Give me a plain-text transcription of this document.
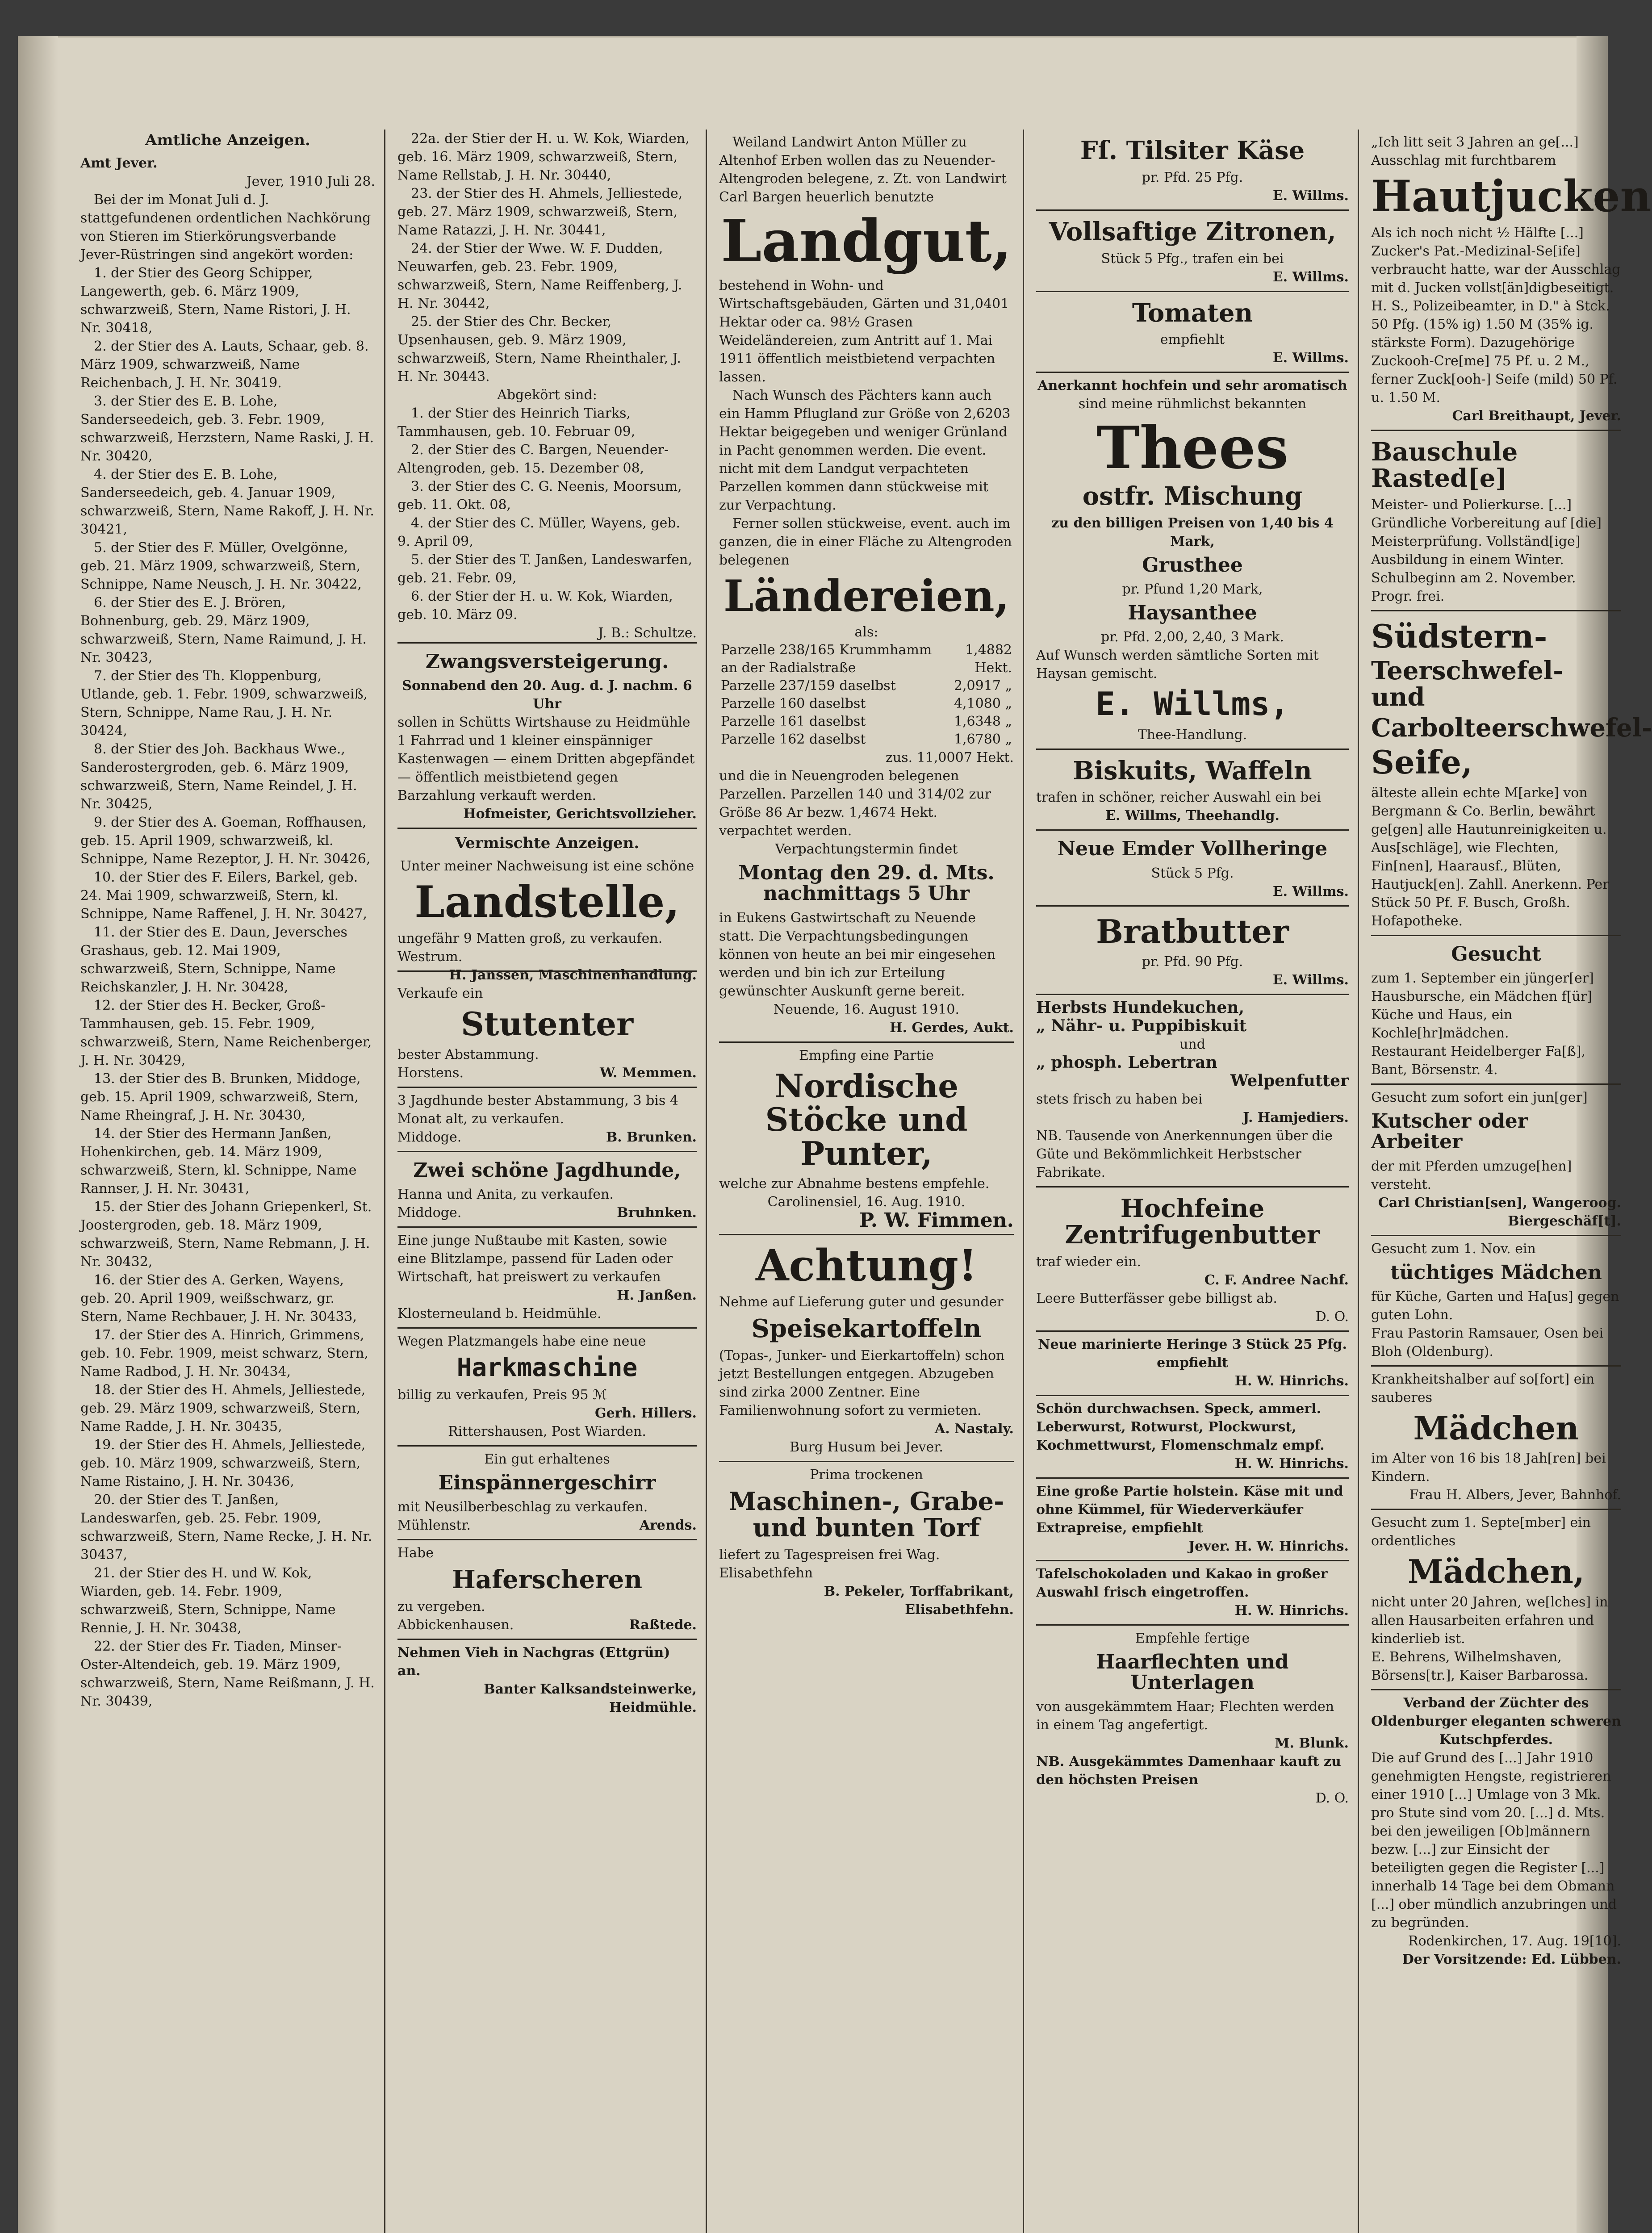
Amtliche Anzeigen.
Amt Jever.

Jever, 1910 Juli 28.

Bei der im Monat Juli d. J. stattgefundenen ordentlichen Nachkörung von Stieren im Stierkörungsverbande Jever-Rüstringen sind angekört worden:

1. der Stier des Georg Schipper, Langewerth, geb. 6. März 1909, schwarzweiß, Stern, Name Ristori, J. H. Nr. 30418,

2. der Stier des A. Lauts, Schaar, geb. 8. März 1909, schwarzweiß, Name Reichenbach, J. H. Nr. 30419.

3. der Stier des E. B. Lohe, Sanderseedeich, geb. 3. Febr. 1909, schwarzweiß, Herzstern, Name Raski, J. H. Nr. 30420,

4. der Stier des E. B. Lohe, Sanderseedeich, geb. 4. Januar 1909, schwarzweiß, Stern, Name Rakoff, J. H. Nr. 30421,

5. der Stier des F. Müller, Ovelgönne, geb. 21. März 1909, schwarzweiß, Stern, Schnippe, Name Neusch, J. H. Nr. 30422,

6. der Stier des E. J. Brören, Bohnenburg, geb. 29. März 1909, schwarzweiß, Stern, Name Raimund, J. H. Nr. 30423,

7. der Stier des Th. Kloppenburg, Utlande, geb. 1. Febr. 1909, schwarzweiß, Stern, Schnippe, Name Rau, J. H. Nr. 30424,

8. der Stier des Joh. Backhaus Wwe., Sanderostergroden, geb. 6. März 1909, schwarzweiß, Stern, Name Reindel, J. H. Nr. 30425,

9. der Stier des A. Goeman, Roffhausen, geb. 15. April 1909, schwarzweiß, kl. Schnippe, Name Rezeptor, J. H. Nr. 30426,

10. der Stier des F. Eilers, Barkel, geb. 24. Mai 1909, schwarzweiß, Stern, kl. Schnippe, Name Raffenel, J. H. Nr. 30427,

11. der Stier des E. Daun, Jeversches Grashaus, geb. 12. Mai 1909, schwarzweiß, Stern, Schnippe, Name Reichskanzler, J. H. Nr. 30428,

12. der Stier des H. Becker, Groß-Tammhausen, geb. 15. Febr. 1909, schwarzweiß, Stern, Name Reichenberger, J. H. Nr. 30429,

13. der Stier des B. Brunken, Middoge, geb. 15. April 1909, schwarzweiß, Stern, Name Rheingraf, J. H. Nr. 30430,

14. der Stier des Hermann Janßen, Hohenkirchen, geb. 14. März 1909, schwarzweiß, Stern, kl. Schnippe, Name Rannser, J. H. Nr. 30431,

15. der Stier des Johann Griepenkerl, St. Joostergroden, geb. 18. März 1909, schwarzweiß, Stern, Name Rebmann, J. H. Nr. 30432,

16. der Stier des A. Gerken, Wayens, geb. 20. April 1909, weißschwarz, gr. Stern, Name Rechbauer, J. H. Nr. 30433,

17. der Stier des A. Hinrich, Grimmens, geb. 10. Febr. 1909, meist schwarz, Stern, Name Radbod, J. H. Nr. 30434,

18. der Stier des H. Ahmels, Jelliestede, geb. 29. März 1909, schwarzweiß, Stern, Name Radde, J. H. Nr. 30435,

19. der Stier des H. Ahmels, Jelliestede, geb. 10. März 1909, schwarzweiß, Stern, Name Ristaino, J. H. Nr. 30436,

20. der Stier des T. Janßen, Landeswarfen, geb. 25. Febr. 1909, schwarzweiß, Stern, Name Recke, J. H. Nr. 30437,

21. der Stier des H. und W. Kok, Wiarden, geb. 14. Febr. 1909, schwarzweiß, Stern, Schnippe, Name Rennie, J. H. Nr. 30438,

22. der Stier des Fr. Tiaden, Minser-Oster-Altendeich, geb. 19. März 1909, schwarzweiß, Stern, Name Reißmann, J. H. Nr. 30439,

22a. der Stier der H. u. W. Kok, Wiarden, geb. 16. März 1909, schwarzweiß, Stern, Name Rellstab, J. H. Nr. 30440,

23. der Stier des H. Ahmels, Jelliestede, geb. 27. März 1909, schwarzweiß, Stern, Name Ratazzi, J. H. Nr. 30441,

24. der Stier der Wwe. W. F. Dudden, Neuwarfen, geb. 23. Febr. 1909, schwarzweiß, Stern, Name Reiffenberg, J. H. Nr. 30442,

25. der Stier des Chr. Becker, Upsenhausen, geb. 9. März 1909, schwarzweiß, Stern, Name Rheinthaler, J. H. Nr. 30443.

Abgekört sind:

1. der Stier des Heinrich Tiarks, Tammhausen, geb. 10. Februar 09,

2. der Stier des C. Bargen, Neuender-Altengroden, geb. 15. Dezember 08,

3. der Stier des C. G. Neenis, Moorsum, geb. 11. Okt. 08,

4. der Stier des C. Müller, Wayens, geb. 9. April 09,

5. der Stier des T. Janßen, Landeswarfen, geb. 21. Febr. 09,

6. der Stier der H. u. W. Kok, Wiarden, geb. 10. März 09.

J. B.: Schultze.

Zwangsversteigerung.

Sonnabend den 20. Aug. d. J. nachm. 6 Uhr

sollen in Schütts Wirtshause zu Heidmühle 1 Fahrrad und 1 kleiner einspänniger Kastenwagen — einem Dritten abgepfändet — öffentlich meistbietend gegen Barzahlung verkauft werden.

Hofmeister, Gerichtsvollzieher.

Vermischte Anzeigen.

Unter meiner Nachweisung ist eine schöne

Landstelle,

ungefähr 9 Matten groß, zu verkaufen.

Westrum.
H. Janssen, Maschinenhandlung.

Verkaufe ein

Stutenter

bester Abstammung.

Horstens.	W. Memmen.

3 Jagdhunde bester Abstammung, 3 bis 4 Monat alt, zu verkaufen.

Middoge.	B. Brunken.

Zwei schöne Jagdhunde,

Hanna und Anita, zu verkaufen.

Middoge.	Bruhnken.

Eine junge Nußtaube mit Kasten, sowie eine Blitzlampe, passend für Laden oder Wirtschaft, hat preiswert zu verkaufen

H. Janßen.

Klosterneuland b. Heidmühle.

Wegen Platzmangels habe eine neue

Harkmaschine

billig zu verkaufen, Preis 95 ℳ

Gerh. Hillers.

Rittershausen, Post Wiarden.

Ein gut erhaltenes

Einspännergeschirr

mit Neusilberbeschlag zu verkaufen.

Mühlenstr.	Arends.

Habe

Haferscheren

zu vergeben.

Abbickenhausen.	Raßtede.

Nehmen Vieh in Nachgras (Ettgrün) an.

Banter Kalksandsteinwerke, Heidmühle.

Weiland Landwirt Anton Müller zu Altenhof Erben wollen das zu Neuender-Altengroden belegene, z. Zt. von Landwirt Carl Bargen heuerlich benutzte

Landgut,

bestehend in Wohn- und Wirtschaftsgebäuden, Gärten und 31,0401 Hektar oder ca. 98½ Grasen Weideländereien, zum Antritt auf 1. Mai 1911 öffentlich meistbietend verpachten lassen.

Nach Wunsch des Pächters kann auch ein Hamm Pflugland zur Größe von 2,6203 Hektar beigegeben und weniger Grünland in Pacht genommen werden. Die event. nicht mit dem Landgut verpachteten Parzellen kommen dann stückweise mit zur Verpachtung.

Ferner sollen stückweise, event. auch im ganzen, die in einer Fläche zu Altengroden belegenen

Ländereien,

als:

Parzelle 238/165 Krummhamm an der Radialstraße	1,4882 Hekt.
Parzelle 237/159 daselbst	2,0917 „
Parzelle 160 daselbst	4,1080 „
Parzelle 161 daselbst	1,6348 „
Parzelle 162 daselbst	1,6780 „

zus. 11,0007 Hekt.

und die in Neuengroden belegenen Parzellen. Parzellen 140 und 314/02 zur Größe 86 Ar bezw. 1,4674 Hekt. verpachtet werden.

Verpachtungstermin findet

Montag den 29. d. Mts. nachmittags 5 Uhr

in Eukens Gastwirtschaft zu Neuende statt. Die Verpachtungsbedingungen können von heute an bei mir eingesehen werden und bin ich zur Erteilung gewünschter Auskunft gerne bereit.

Neuende, 16. August 1910.

H. Gerdes, Aukt.

Empfing eine Partie

Nordische Stöcke und Punter,

welche zur Abnahme bestens empfehle.

Carolinensiel, 16. Aug. 1910.

P. W. Fimmen.

Achtung!

Nehme auf Lieferung guter und gesunder

Speisekartoffeln

(Topas-, Junker- und Eierkartoffeln) schon jetzt Bestellungen entgegen. Abzugeben sind zirka 2000 Zentner. Eine Familienwohnung sofort zu vermieten.

A. Nastaly.

Burg Husum bei Jever.

Prima trockenen

Maschinen-, Grabe- und bunten Torf

liefert zu Tagespreisen frei Wag. Elisabethfehn

B. Pekeler, Torffabrikant, Elisabethfehn.

Fſ. Tilsiter Käse

pr. Pfd. 25 Pfg.

E. Willms.

Vollsaftige Zitronen,

Stück 5 Pfg., trafen ein bei

E. Willms.

Tomaten

empfiehlt

E. Willms.

Anerkannt hochfein und sehr aromatisch

sind meine rühmlichst bekannten

Thees
ostfr. Mischung

zu den billigen Preisen von 1,40 bis 4 Mark,

Grusthee

pr. Pfund 1,20 Mark,

Haysanthee

pr. Pfd. 2,00, 2,40, 3 Mark.

Auf Wunsch werden sämtliche Sorten mit Haysan gemischt.

E. Willms,

Thee-Handlung.

Biskuits, Waffeln

trafen in schöner, reicher Auswahl ein bei

E. Willms, Theehandlg.

Neue Emder Vollheringe

Stück 5 Pfg.

E. Willms.

Bratbutter

pr. Pfd. 90 Pfg.

E. Willms.

Herbsts Hundekuchen,

„ Nähr- u. Puppibiskuit

und

„ phosph. Lebertran

Welpenfutter

stets frisch zu haben bei

J. Hamjediers.

NB. Tausende von Anerkennungen über die Güte und Bekömmlichkeit Herbstscher Fabrikate.

Hochfeine Zentrifugenbutter

traf wieder ein.

C. F. Andree Nachf.

Leere Butterfässer gebe billigst ab.

D. O.

Neue marinierte Heringe 3 Stück 25 Pfg. empfiehlt

H. W. Hinrichs.

Schön durchwachsen. Speck, ammerl. Leberwurst, Rotwurst, Plockwurst, Kochmettwurst, Flomenschmalz empf.

H. W. Hinrichs.

Eine große Partie holstein. Käse mit und ohne Kümmel, für Wiederverkäufer Extrapreise, empfiehlt

Jever. H. W. Hinrichs.

Tafelschokoladen und Kakao in großer Auswahl frisch eingetroffen.

H. W. Hinrichs.

Empfehle fertige

Haarflechten und Unterlagen

von ausgekämmtem Haar; Flechten werden in einem Tag angefertigt.

M. Blunk.

NB. Ausgekämmtes Damenhaar kauft zu den höchsten Preisen

D. O.

„Ich litt seit 3 Jahren an ge[...] Ausschlag mit furchtbarem

Hautjucken

Als ich noch nicht ½ Hälfte [...] Zucker's Pat.-Medizinal-Se[ife] verbraucht hatte, war der Ausschlag mit d. Jucken vollst[än]digbeseitigt. H. S., Polizeibeamter, in D." à Stck. 50 Pfg. (15% ig) 1.50 M (35% ig. stärkste Form). Dazugehörige Zuckooh-Cre[me] 75 Pf. u. 2 M., ferner Zuck[ooh-] Seife (mild) 50 Pf. u. 1.50 M.

Carl Breithaupt, Jever.

Bauschule Rasted[e]

Meister- und Polierkurse. [...] Gründliche Vorbereitung auf [die] Meisterprüfung. Vollständ[ige] Ausbildung in einem Winter. Schulbeginn am 2. November. Progr. frei.

Südstern-
Teerschwefel- und
Carbolteerschwefel-
Seife,

älteste allein echte M[arke] von Bergmann & Co. Berlin, bewährt ge[gen] alle Hautunreinigkeiten u. Aus[schläge], wie Flechten, Fin[nen], Haarausf., Blüten, Hautjuck[en]. Zahll. Anerkenn. Per Stück 50 Pf. F. Busch, Großh. Hofapotheke.

Gesucht

zum 1. September ein jünger[er] Hausbursche, ein Mädchen f[ür] Küche und Haus, ein Kochle[hr]mädchen.

Restaurant Heidelberger Fa[ß], Bant, Börsenstr. 4.

Gesucht zum sofort ein jun[ger]

Kutscher oder Arbeiter

der mit Pferden umzuge[hen] versteht.

Carl Christian[sen], Wangeroog. Biergeschäf[t].

Gesucht zum 1. Nov. ein

tüchtiges Mädchen

für Küche, Garten und Ha[us] gegen guten Lohn.

Frau Pastorin Ramsauer, Osen bei Bloh (Oldenburg).

Krankheitshalber auf so[fort] ein sauberes

Mädchen

im Alter von 16 bis 18 Jah[ren] bei Kindern.

Frau H. Albers, Jever, Bahnhof.

Gesucht zum 1. Septe[mber] ein ordentliches

Mädchen,

nicht unter 20 Jahren, we[lches] in allen Hausarbeiten erfahren und kinderlieb ist.

E. Behrens, Wilhelmshaven, Börsens[tr.], Kaiser Barbarossa.

Verband der Züchter des Oldenburger eleganten schweren Kutschpferdes.

Die auf Grund des [...] Jahr 1910 genehmigten Hengste, registrieren einer 1910 [...] Umlage von 3 Mk. pro Stute sind vom 20. [...] d. Mts. bei den jeweiligen [Ob]männern bezw. [...] zur Einsicht der beteiligten gegen die Register [...] innerhalb 14 Tage bei dem Obmann [...] ober mündlich anzubringen und zu begründen.

Rodenkirchen, 17. Aug. 19[10].

Der Vorsitzende: Ed. Lübben.
